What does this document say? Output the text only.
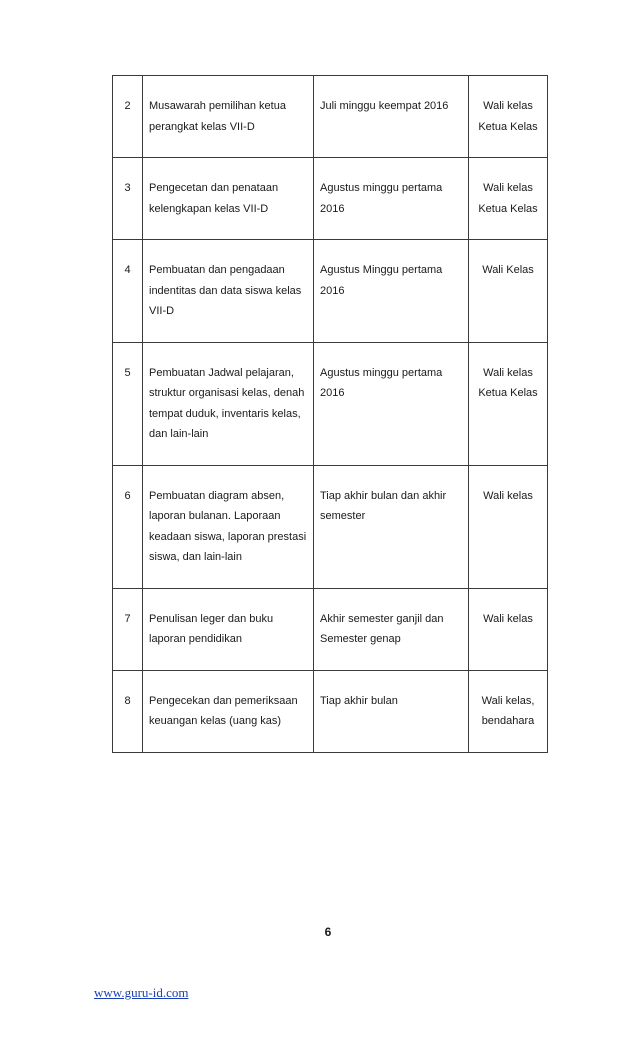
2	Musawarah pemilihan ketua
perangkat kelas VII-D	Juli minggu keempat 2016	Wali kelas
Ketua Kelas

3	Pengecetan dan penataan
kelengkapan kelas VII-D	Agustus minggu pertama
2016	Wali kelas
Ketua Kelas

4	Pembuatan dan pengadaan
indentitas dan data siswa kelas
VII-D	Agustus Minggu pertama
2016	Wali Kelas

5	Pembuatan Jadwal pelajaran,
struktur organisasi kelas, denah
tempat duduk, inventaris kelas,
dan lain-lain	Agustus minggu pertama
2016	Wali kelas
Ketua Kelas

6	Pembuatan diagram absen,
laporan bulanan. Laporaan
keadaan siswa, laporan prestasi
siswa, dan lain-lain	Tiap akhir bulan dan akhir
semester	Wali kelas

7	Penulisan leger dan buku
laporan pendidikan	Akhir semester ganjil dan
Semester genap	Wali kelas

8	Pengecekan dan pemeriksaan
keuangan kelas (uang kas)	Tiap akhir bulan	Wali kelas,
bendahara
6
www.guru-id.com
